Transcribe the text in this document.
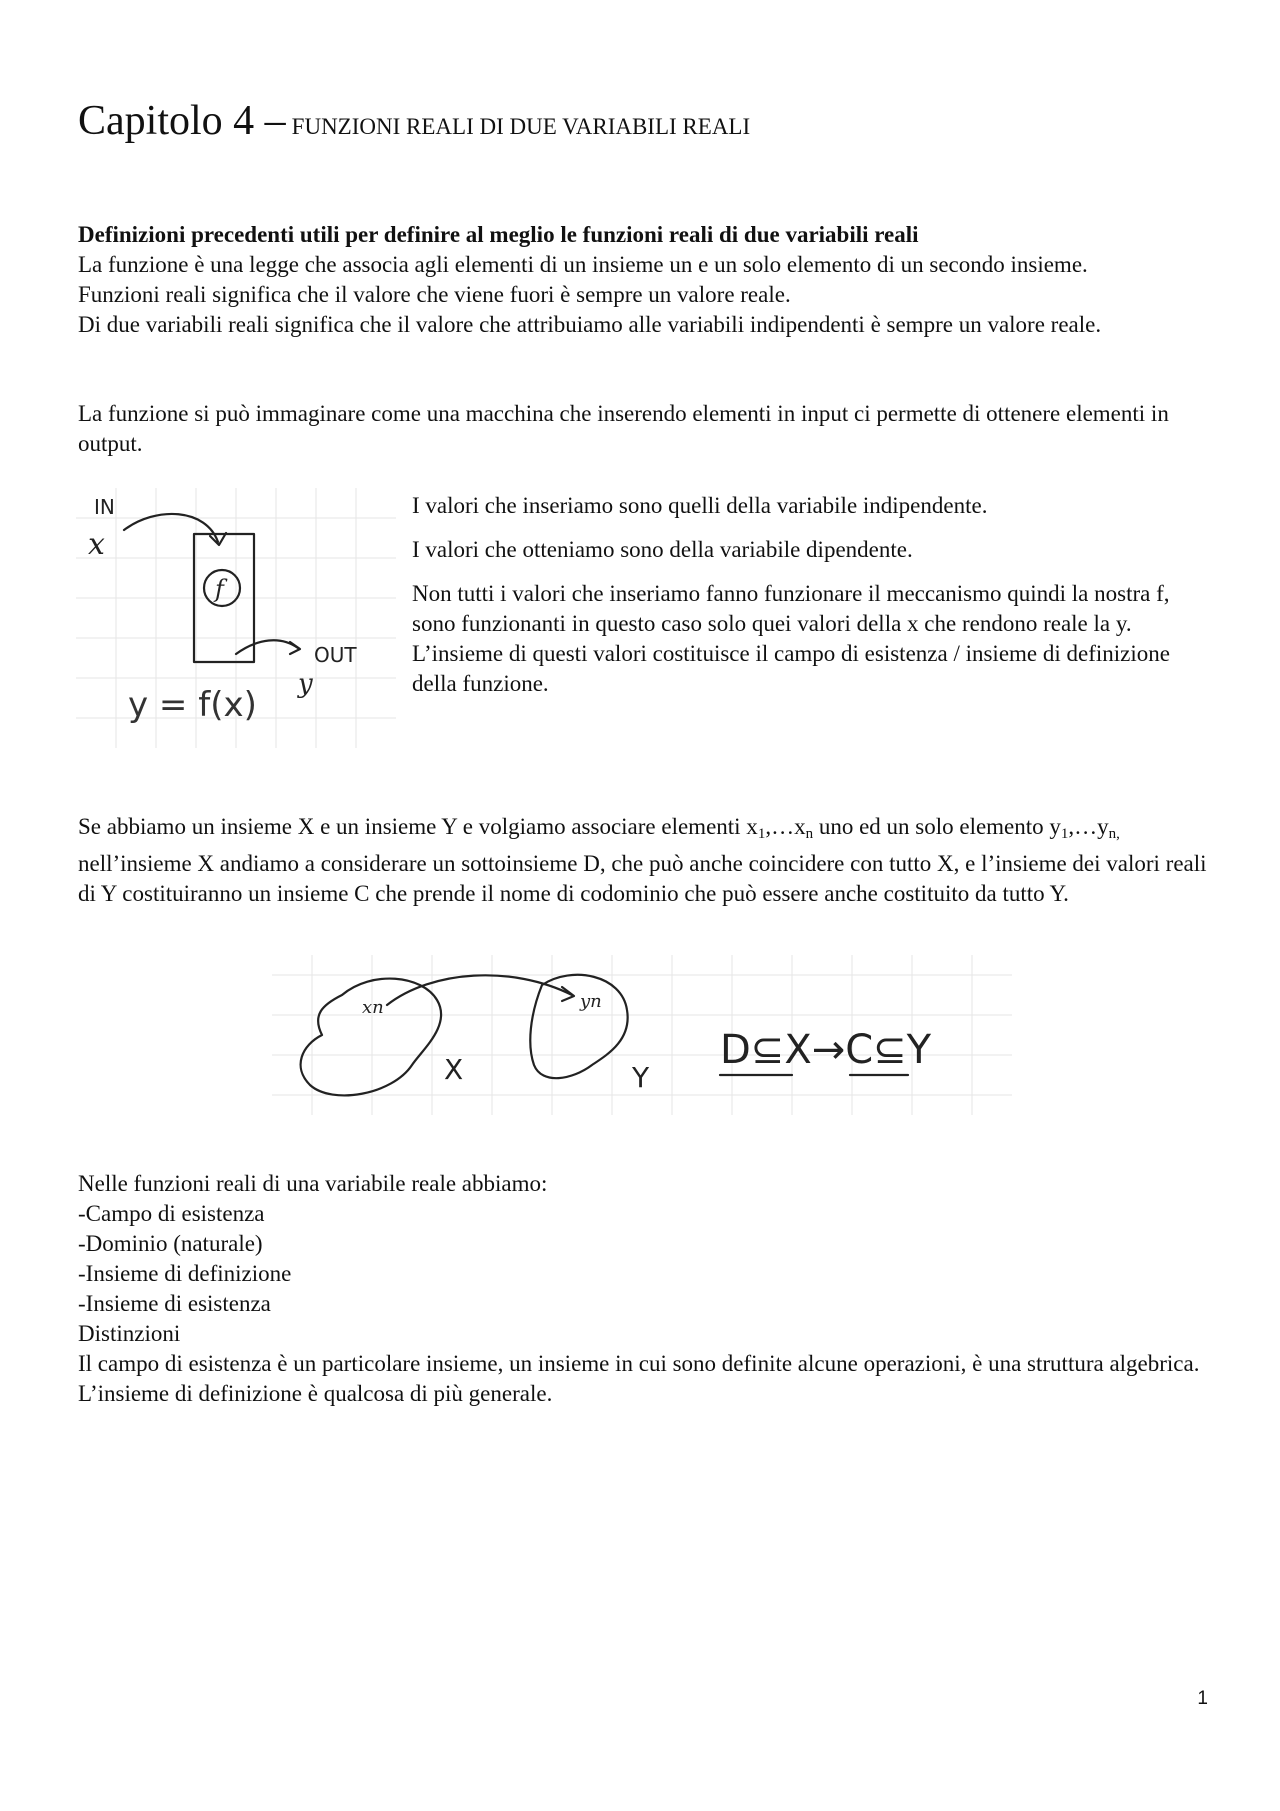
Capitolo 4 – FUNZIONI REALI DI DUE VARIABILI REALI

Definizioni precedenti utili per definire al meglio le funzioni reali di due variabili reali

La funzione è una legge che associa agli elementi di un insieme un e un solo elemento di un secondo insieme.

Funzioni reali significa che il valore che viene fuori è sempre un valore reale.

Di due variabili reali significa che il valore che attribuiamo alle variabili indipendenti è sempre un valore reale.

La funzione si può immaginare come una macchina che inserendo elementi in input ci permette di ottenere elementi in output.

IN
x
f
OUT
y
y = f(x)

I valori che inseriamo sono quelli della variabile indipendente.

I valori che otteniamo sono della variabile dipendente.

Non tutti i valori che inseriamo fanno funzionare il meccanismo quindi la nostra f, sono funzionanti in questo caso solo quei valori della x che rendono reale la y.

L’insieme di questi valori costituisce il campo di esistenza / insieme di definizione della funzione.

Se abbiamo un insieme X e un insieme Y e volgiamo associare elementi x1,…xn uno ed un solo elemento y1,…yn, nell’insieme X andiamo a considerare un sottoinsieme D, che può anche coincidere con tutto X, e l’insieme dei valori reali di Y costituiranno un insieme C che prende il nome di codominio che può essere anche costituito da tutto Y.

xn
X
yn
Y
D⊆X→C⊆Y

Nelle funzioni reali di una variabile reale abbiamo:

-Campo di esistenza

-Dominio (naturale)

-Insieme di definizione

-Insieme di esistenza

Distinzioni

Il campo di esistenza è un particolare insieme, un insieme in cui sono definite alcune operazioni, è una struttura algebrica.

L’insieme di definizione è qualcosa di più generale.

1
